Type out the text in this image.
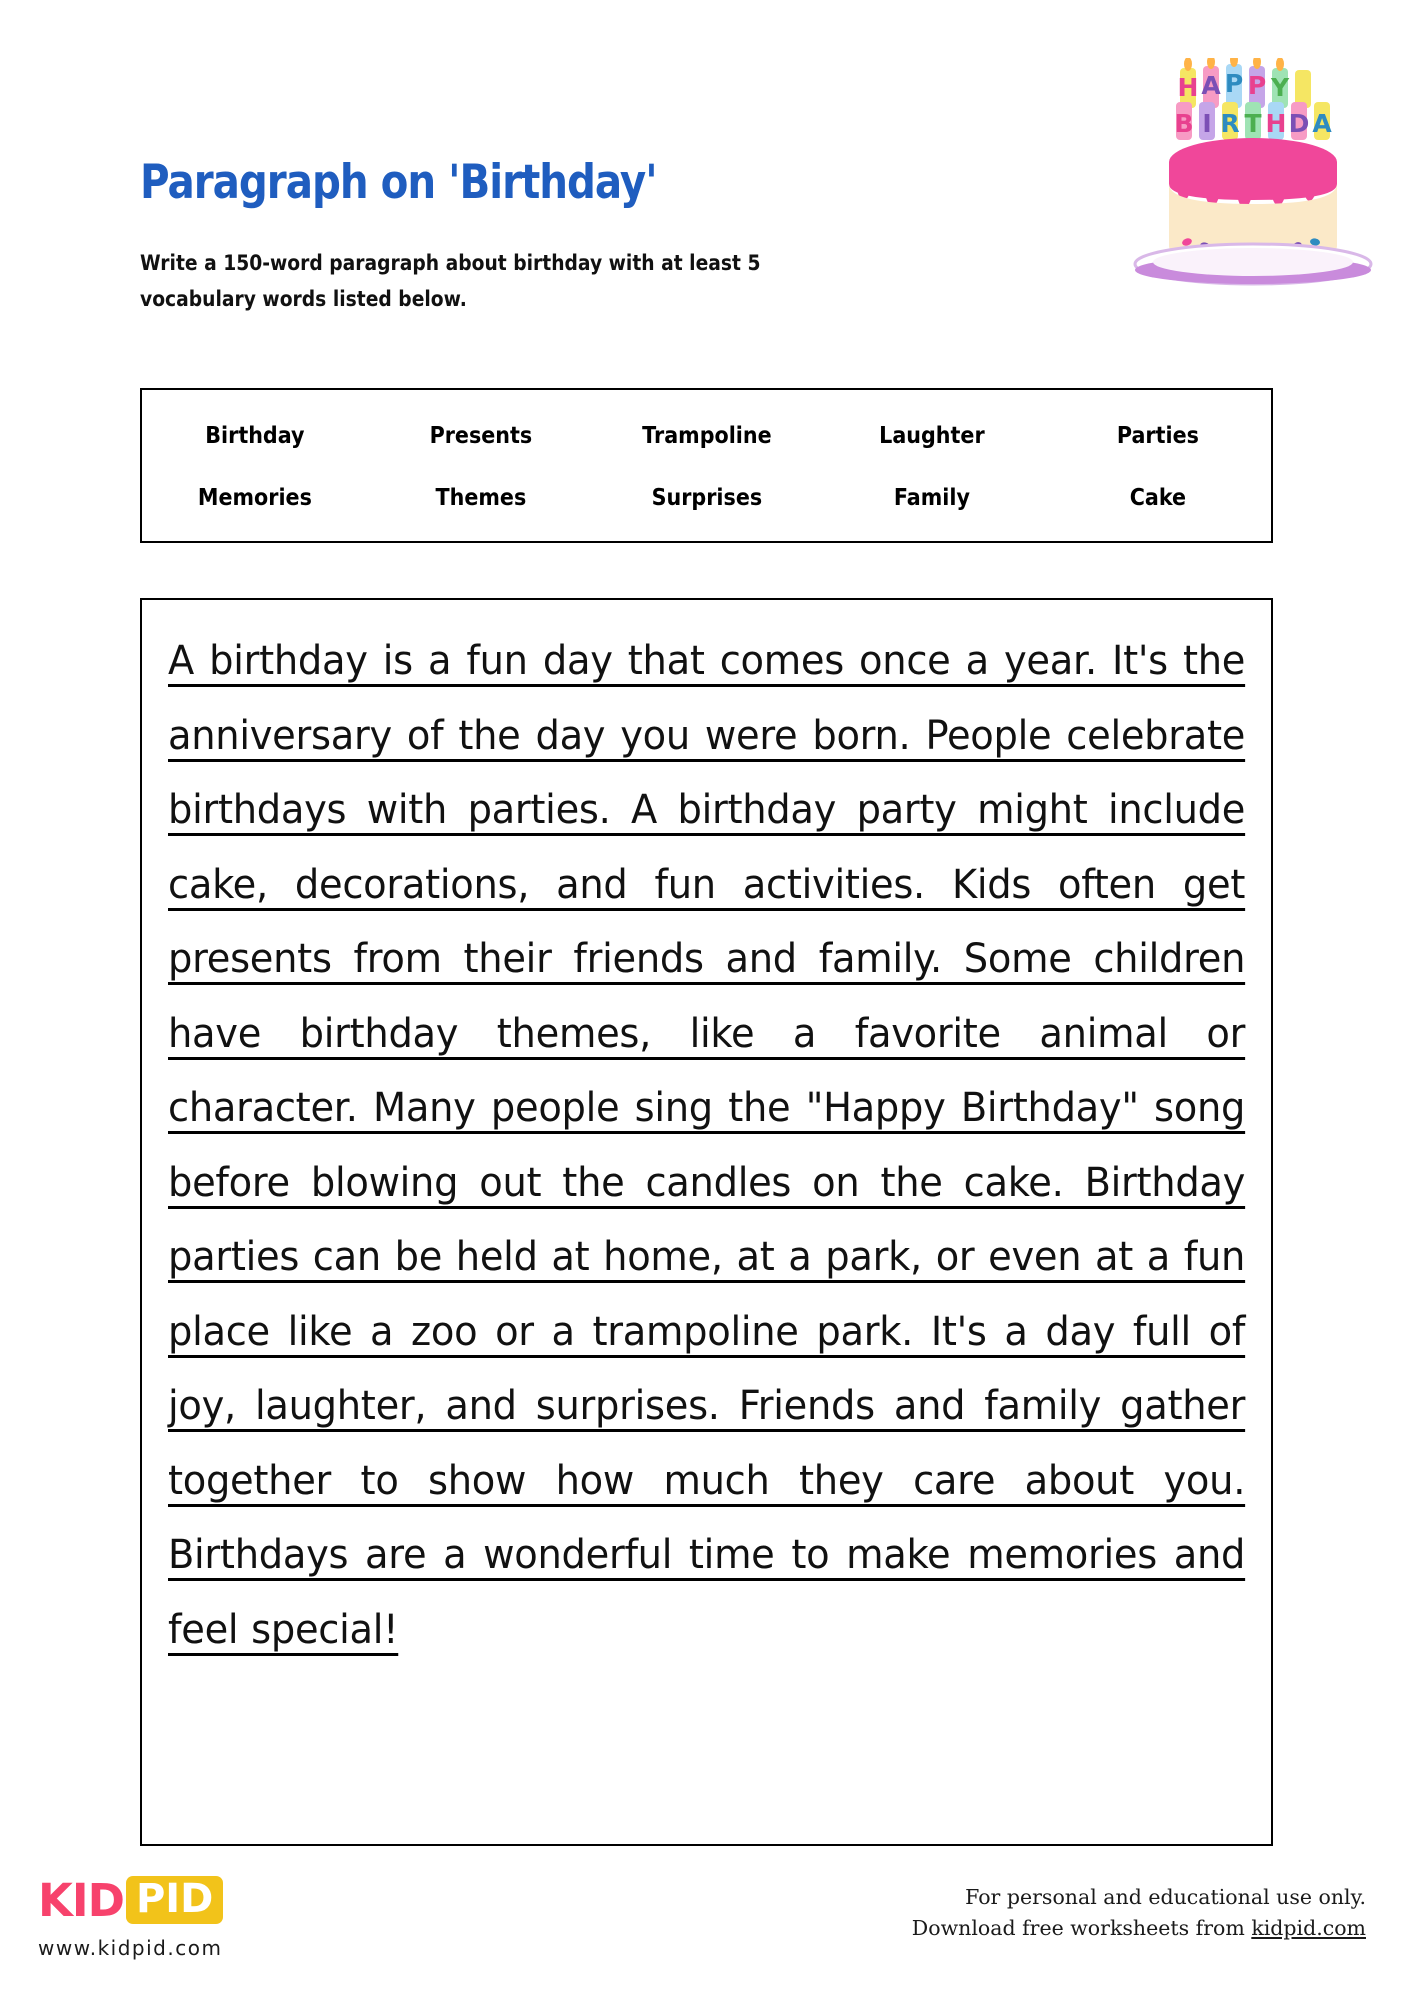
Paragraph on 'Birthday'
Write a 150-word paragraph about birthday with at least 5 vocabulary words listed below.
H A P P Y
B I R T H D A
Birthday	Presents	Trampoline	Laughter	Parties
Memories	Themes	Surprises	Family	Cake
A birthday is a fun day that comes once a year. It's the anniversary of the day you were born. People celebrate birthdays with parties. A birthday party might include cake, decorations, and fun activities. Kids often get presents from their friends and family. Some children have birthday themes, like a favorite animal or character. Many people sing the "Happy Birthday" song before blowing out the candles on the cake. Birthday parties can be held at home, at a park, or even at a fun place like a zoo or a trampoline park. It's a day full of joy, laughter, and surprises. Friends and family gather together to show how much they care about you. Birthdays are a wonderful time to make memories and feel special!
KID PID
www.kidpid.com
For personal and educational use only.
Download free worksheets from kidpid.com
